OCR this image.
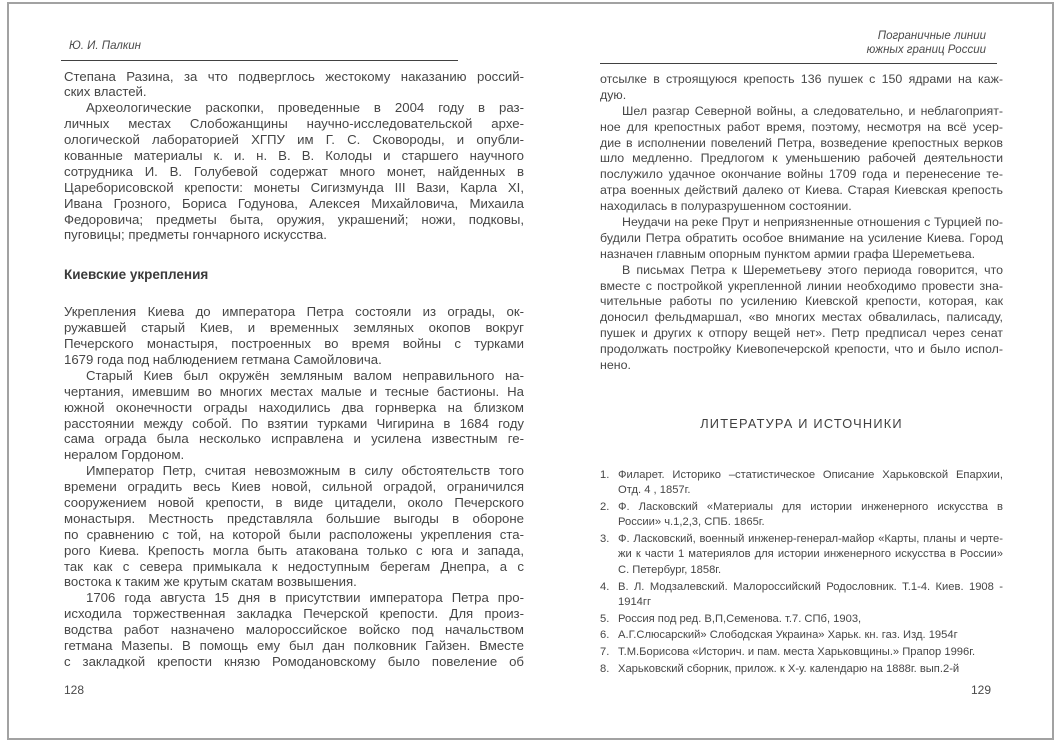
Ю. И. Палкин
Степана Разина, за что подверглось жестокому наказанию россий-
ских властей.
Археологические раскопки, проведенные в 2004 году в раз-
личных местах Слобожанщины научно-исследовательской архе-
ологической лабораторией ХГПУ им Г. С. Сковороды, и опубли-
кованные материалы к. и. н. В. В. Колоды и старшего научного
сотрудника И. В. Голубевой содержат много монет, найденных в
Цареборисовской крепости: монеты Сигизмунда III Вази, Карла XI,
Ивана Грозного, Бориса Годунова, Алексея Михайловича, Михаила
Федоровича; предметы быта, оружия, украшений; ножи, подковы,
пуговицы; предметы гончарного искусства.
Киевские укрепления
Укрепления Киева до императора Петра состояли из ограды, ок-
ружавшей старый Киев, и временных земляных окопов вокруг
Печерского монастыря, построенных во время войны с турками
1679 года под наблюдением гетмана Самойловича.
Старый Киев был окружён земляным валом неправильного на-
чертания, имевшим во многих местах малые и тесные бастионы. На
южной оконечности ограды находились два горнверка на близком
расстоянии между собой. По взятии турками Чигирина в 1684 году
сама ограда была несколько исправлена и усилена известным ге-
нералом Гордоном.
Император Петр, считая невозможным в силу обстоятельств того
времени оградить весь Киев новой, сильной оградой, ограничился
сооружением новой крепости, в виде цитадели, около Печерского
монастыря. Местность представляла большие выгоды в обороне
по сравнению с той, на которой были расположены укрепления ста-
рого Киева. Крепость могла быть атакована только с юга и запада,
так как с севера примыкала к недоступным берегам Днепра, а с
востока к таким же крутым скатам возвышения.
1706 года августа 15 дня в присутствии императора Петра про-
исходила торжественная закладка Печерской крепости. Для произ-
водства работ назначено малороссийское войско под начальством
гетмана Мазепы. В помощь ему был дан полковник Гайзен. Вместе
с закладкой крепости князю Ромодановскому было повеление об
128
Пограничные линии
южных границ России
отсылке в строящуюся крепость 136 пушек с 150 ядрами на каж-
дую.
Шел разгар Северной войны, а следовательно, и неблагоприят-
ное для крепостных работ время, поэтому, несмотря на всё усер-
дие в исполнении повелений Петра, возведение крепостных верков
шло медленно. Предлогом к уменьшению рабочей деятельности
послужило удачное окончание войны 1709 года и перенесение те-
атра военных действий далеко от Киева. Старая Киевская крепость
находилась в полуразрушенном состоянии.
Неудачи на реке Прут и неприязненные отношения с Турцией по-
будили Петра обратить особое внимание на усиление Киева. Город
назначен главным опорным пунктом армии графа Шереметьева.
В письмах Петра к Шереметьеву этого периода говорится, что
вместе с постройкой укрепленной линии необходимо провести зна-
чительные работы по усилению Киевской крепости, которая, как
доносил фельдмаршал, «во многих местах обвалилась, палисаду,
пушек и других к отпору вещей нет». Петр предписал через сенат
продолжать постройку Киевопечерской крепости, что и было испол-
нено.
ЛИТЕРАТУРА И ИСТОЧНИКИ
1. Филарет. Историко –статистическое Описание Харьковской Епархии,
Отд. 4 , 1857г.
2. Ф. Ласковский «Материалы для истории инженерного искусства в
России» ч.1,2,3, СПБ. 1865г.
3. Ф. Ласковский, военный инженер-генерал-майор «Карты, планы и черте-
жи к части 1 материялов для истории инженерного искусства в России»
С. Петербург, 1858г.
4. В. Л. Модзалевский. Малороссийский Родословник. Т.1-4. Киев. 1908 -
1914гг
5. Россия под ред. В,П,Семенова. т.7. СПб, 1903,
6. А.Г.Слюсарский» Слободская Украина» Харьк. кн. газ. Изд. 1954г
7. Т.М.Борисова «Историч. и пам. места Харьковщины.» Прапор 1996г.
8. Харьковский сборник, прилож. к Х-у. календарю на 1888г. вып.2-й
129
